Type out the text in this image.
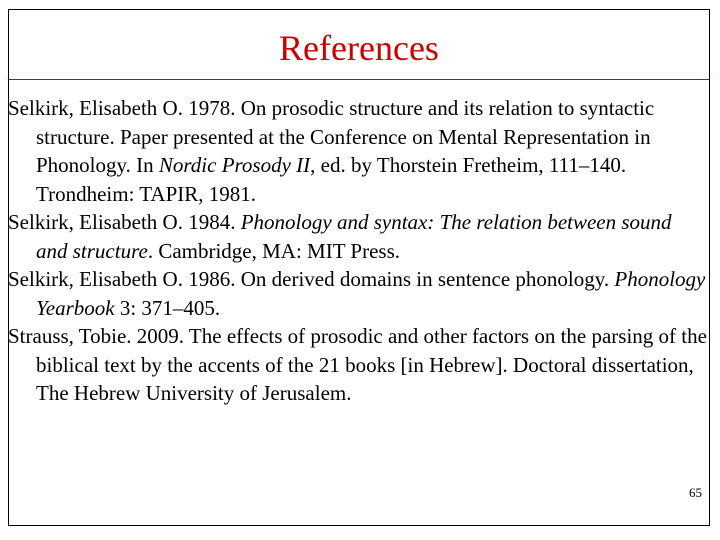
References

Selkirk, Elisabeth O. 1978. On prosodic structure and its relation to syntactic structure. Paper presented at the Conference on Mental Representation in Phonology. In Nordic Prosody II, ed. by Thorstein Fretheim, 111–140. Trondheim: TAPIR, 1981.

Selkirk, Elisabeth O. 1984. Phonology and syntax: The relation between sound and structure. Cambridge, MA: MIT Press.

Selkirk, Elisabeth O. 1986. On derived domains in sentence phonology. Phonology Yearbook 3: 371–405.

Strauss, Tobie. 2009. The effects of prosodic and other factors on the parsing of the biblical text by the accents of the 21 books [in Hebrew]. Doctoral dissertation, The Hebrew University of Jerusalem.

65
